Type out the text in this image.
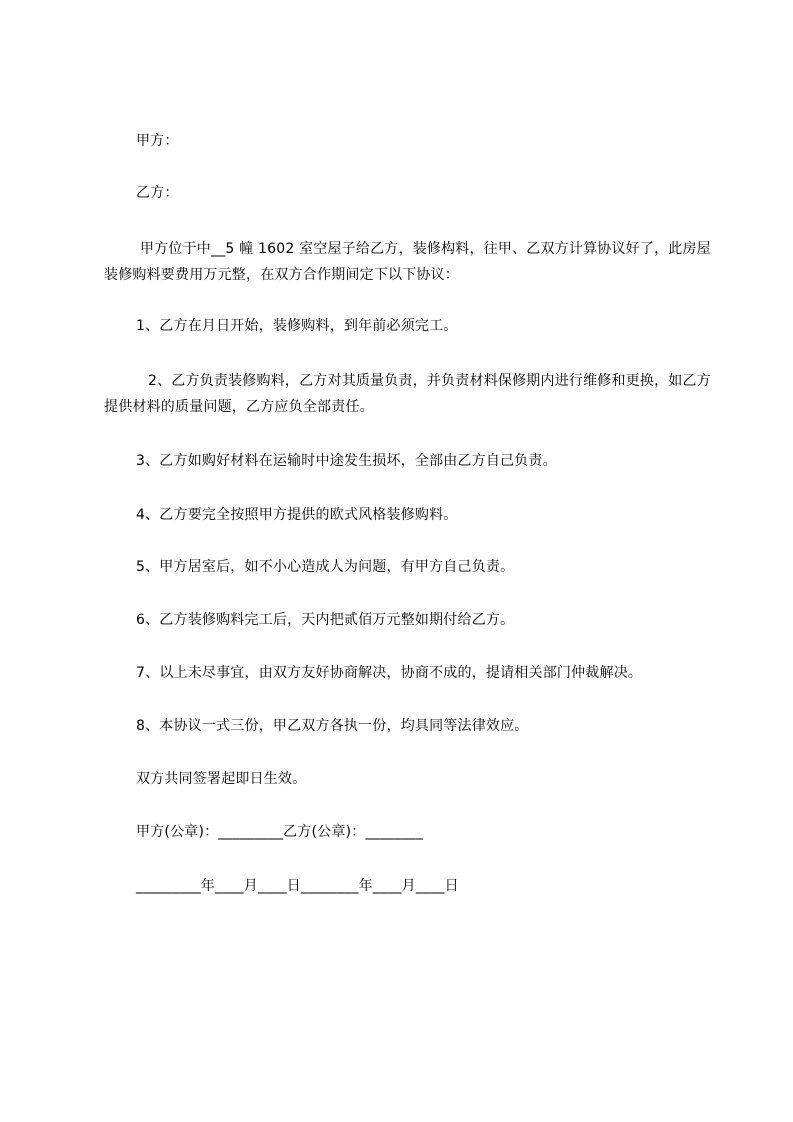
甲方：
乙方：
甲方位于中__5 幢 1602 室空屋子给乙方，装修构料，往甲、乙双方计算协议好了，此房屋装修购料要费用万元整，在双方合作期间定下以下协议：
1、乙方在月日开始，装修购料，到年前必须完工。
2、乙方负责装修购料，乙方对其质量负责，并负责材料保修期内进行维修和更换，如乙方提供材料的质量问题，乙方应负全部责任。
3、乙方如购好材料在运输时中途发生损坏，全部由乙方自己负责。
4、乙方要完全按照甲方提供的欧式风格装修购料。
5、甲方居室后，如不小心造成人为问题，有甲方自己负责。
6、乙方装修购料完工后，天内把贰佰万元整如期付给乙方。
7、以上未尽事宜，由双方友好协商解决，协商不成的，提请相关部门仲裁解决。
8、本协议一式三份，甲乙双方各执一份，均具同等法律效应。
双方共同签署起即日生效。
甲方(公章)：_________乙方(公章)：________
_________年____月____日________年____月____日
